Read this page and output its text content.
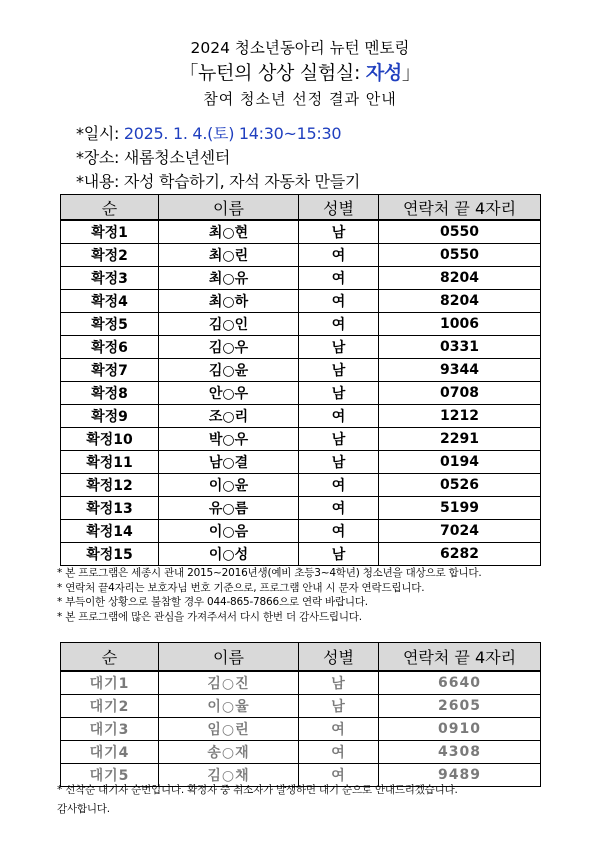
2024 청소년동아리 뉴턴 멘토링
「뉴턴의 상상 실험실: 자성」
참여 청소년 선정 결과 안내
*일시: 2025. 1. 4.(토) 14:30~15:30
*장소: 새롬청소년센터
*내용: 자성 학습하기, 자석 자동차 만들기
순	이름	성별	연락처 끝 4자리
확정1	최○현	남	0550
확정2	최○린	여	0550
확정3	최○유	여	8204
확정4	최○하	여	8204
확정5	김○인	여	1006
확정6	김○우	남	0331
확정7	김○윤	남	9344
확정8	안○우	남	0708
확정9	조○리	여	1212
확정10	박○우	남	2291
확정11	남○결	남	0194
확정12	이○윤	여	0526
확정13	유○름	여	5199
확정14	이○음	여	7024
확정15	이○성	남	6282
* 본 프로그램은 세종시 관내 2015~2016년생(예비 초등3~4학년) 청소년을 대상으로 합니다.
* 연락처 끝4자리는 보호자님 번호 기준으로, 프로그램 안내 시 문자 연락드립니다.
* 부득이한 상황으로 불참할 경우 044-865-7866으로 연락 바랍니다.
* 본 프로그램에 많은 관심을 가져주셔서 다시 한번 더 감사드립니다.
순	이름	성별	연락처 끝 4자리
대기1	김○진	남	6640
대기2	이○율	남	2605
대기3	임○린	여	0910
대기4	송○재	여	4308
대기5	김○채	여	9489
* 선착순 대기자 순번입니다. 확정자 중 취소자가 발생하면 대기 순으로 안내드리겠습니다.
감사합니다.
